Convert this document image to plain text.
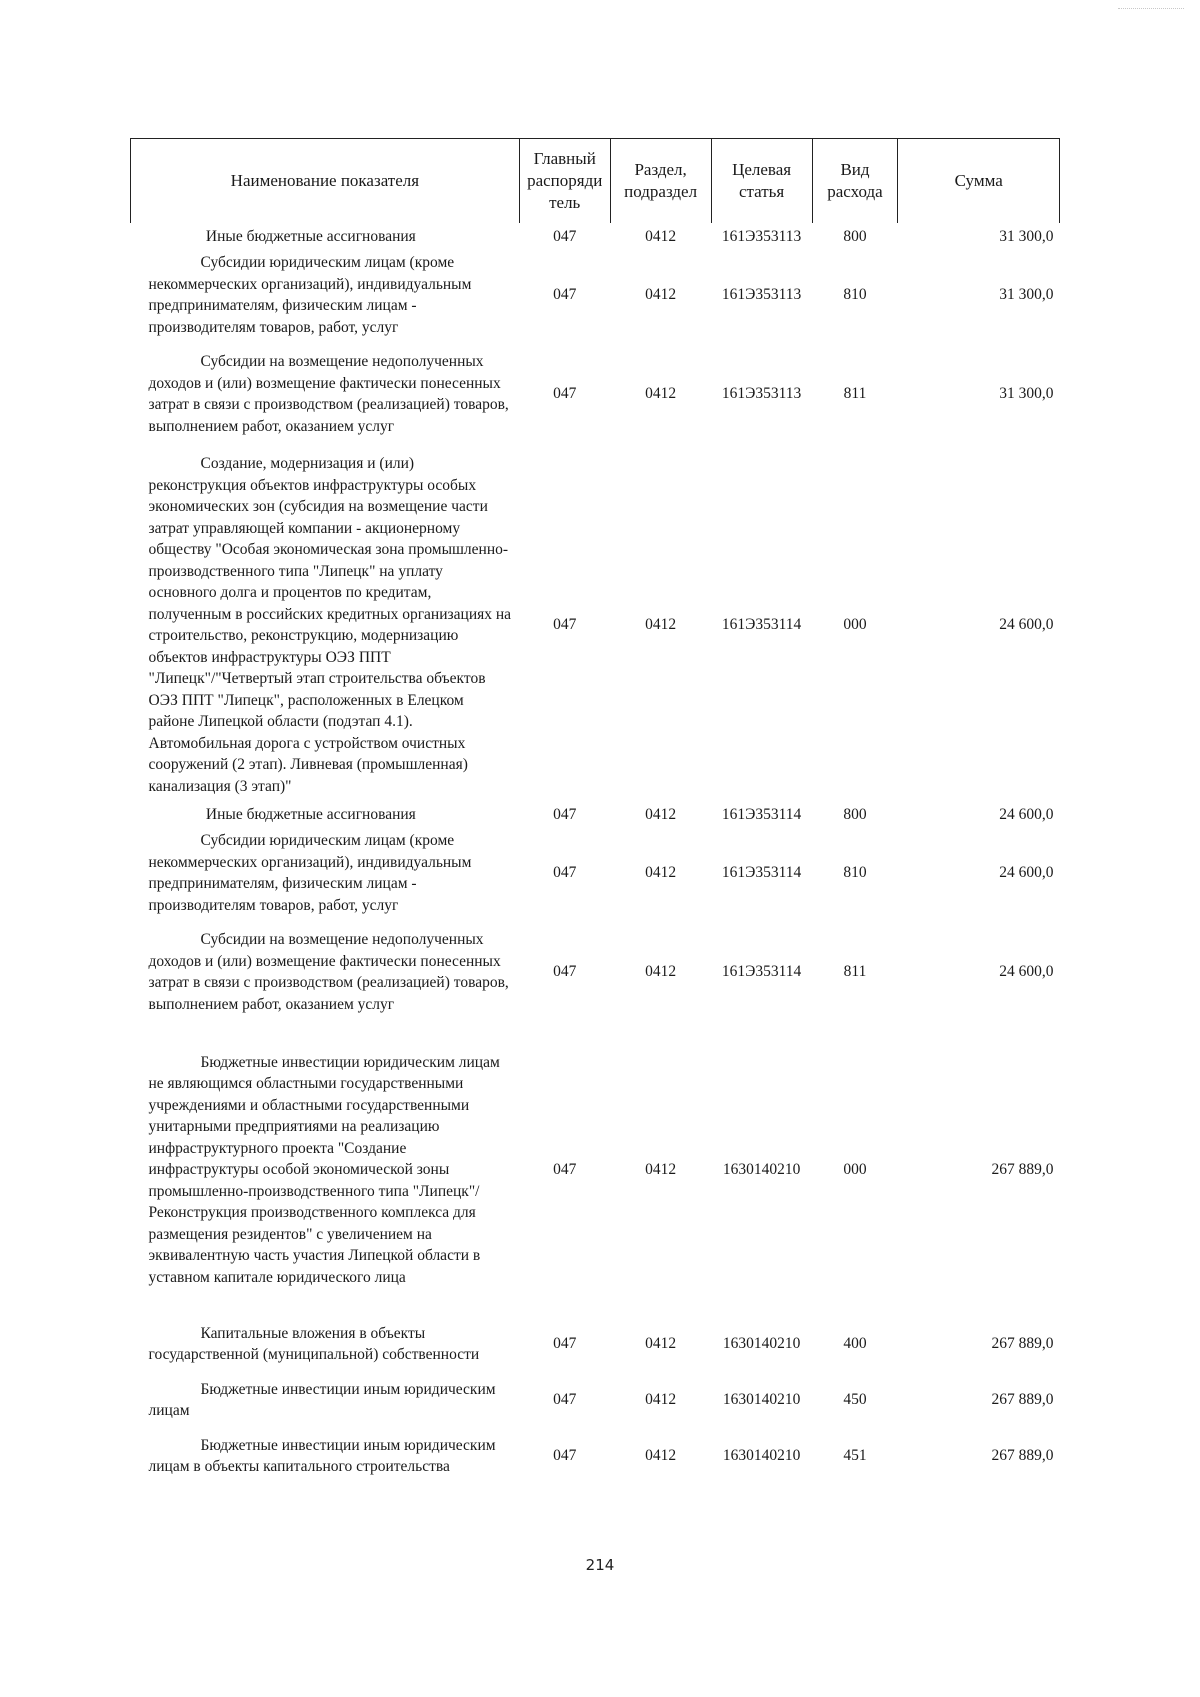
Наименование показателя	Главный распоряди тель	Раздел, подраздел	Целевая статья	Вид расхода	Сумма

Иные бюджетные ассигнования	047	0412	161Э353113	800	31 300,0

Субсидии юридическим лицам (кроме некоммерческих организаций), индивидуальным предпринимателям, физическим лицам - производителям товаров, работ, услуг	047	0412	161Э353113	810	31 300,0

Субсидии на возмещение недополученных доходов и (или) возмещение фактически понесенных затрат в связи с производством (реализацией) товаров, выполнением работ, оказанием услуг	047	0412	161Э353113	811	31 300,0

Создание, модернизация и (или) реконструкция объектов инфраструктуры особых экономических зон (субсидия на возмещение части затрат управляющей компании - акционерному обществу "Особая экономическая зона промышленно-производственного типа "Липецк" на уплату основного долга и процентов по кредитам, полученным в российских кредитных организациях на строительство, реконструкцию, модернизацию объектов инфраструктуры ОЭЗ ППТ "Липецк"/"Четвертый этап строительства объектов ОЭЗ ППТ "Липецк", расположенных в Елецком районе Липецкой области (подэтап 4.1). Автомобильная дорога с устройством очистных сооружений (2 этап). Ливневая (промышленная) канализация (3 этап)"	047	0412	161Э353114	000	24 600,0

Иные бюджетные ассигнования	047	0412	161Э353114	800	24 600,0

Субсидии юридическим лицам (кроме некоммерческих организаций), индивидуальным предпринимателям, физическим лицам - производителям товаров, работ, услуг	047	0412	161Э353114	810	24 600,0

Субсидии на возмещение недополученных доходов и (или) возмещение фактически понесенных затрат в связи с производством (реализацией) товаров, выполнением работ, оказанием услуг	047	0412	161Э353114	811	24 600,0

Бюджетные инвестиции юридическим лицам не являющимся областными государственными учреждениями и областными государственными унитарными предприятиями на реализацию инфраструктурного проекта "Создание инфраструктуры особой экономической зоны промышленно-производственного типа "Липецк"/Реконструкция производственного комплекса для размещения резидентов" с увеличением на эквивалентную часть участия Липецкой области в уставном капитале юридического лица	047	0412	1630140210	000	267 889,0

Капитальные вложения в объекты государственной (муниципальной) собственности	047	0412	1630140210	400	267 889,0

Бюджетные инвестиции иным юридическим лицам	047	0412	1630140210	450	267 889,0

Бюджетные инвестиции иным юридическим лицам в объекты капитального строительства	047	0412	1630140210	451	267 889,0
214
